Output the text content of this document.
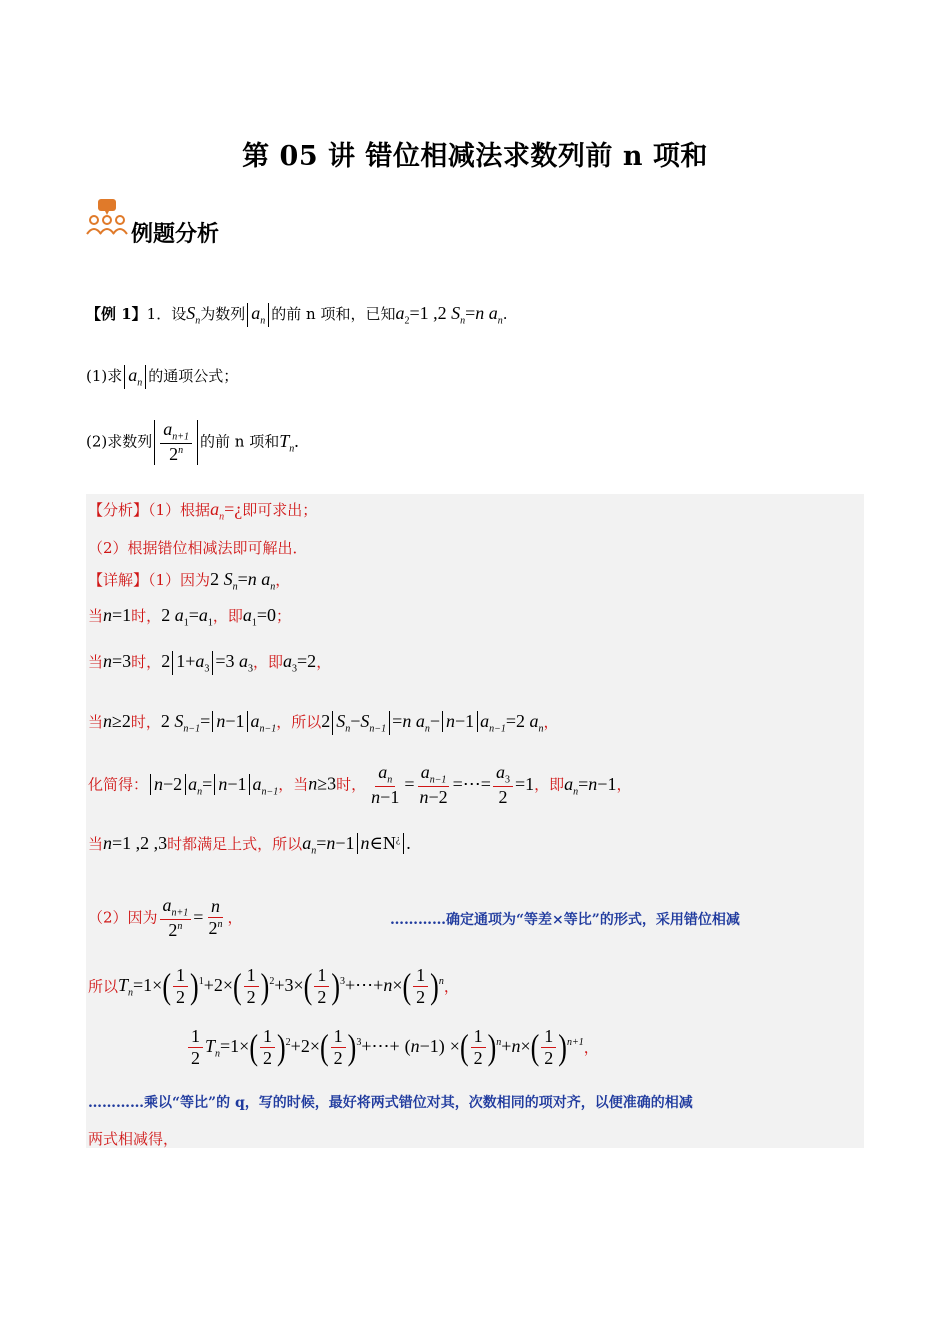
第 05 讲 错位相减法求数列前 n 项和
例题分析
【例 1】1．设$S_n$为数列 $a_n$ 的前 n 项和，已知$a_2=1$ ,2 $S_n=n$ $a_n$.
(1)求 $a_n$ 的通项公式；
(2)求数列 $\frac{a_{n+1}}{2^n}$ 的前 n 项和$T_n$.
【分析】（1）根据$a_n=¿$即可求出；
（2）根据错位相减法即可解出．
【详解】（1）因为2 $S_n=n$ $a_n$，
当n=1时，2 $a_1=a_1$，即$a_1=0$；
当n=3时，2 $1+a_3 =3$ $a_3$，即$a_3=2$，
当n≥2时，2 $S_{n-1}= n-1$ $a_{n-1}$，所以2 $S_n-S_{n-1} =n$ $a_n- n-1$ $a_{n-1}=2$ $a_n$，
化简得： n−2 $a_n= n-1$ $a_{n-1}$，当n≥3时， $\frac{a_n}{n-1} = \frac{a_{n-1}}{n-2}$ =⋯= $\frac{a_3}{2} =1$，即$a_n=n-1$，
当n=1 ,2 ,3时都满足上式，所以$a_n=n-1$ n∈N¿ .
（2）因为 $\frac{a_{n+1}}{2^n} = \frac{n}{2^n}$ ，	…………确定通项为“等差×等比”的形式，采用错位相减
所以$T_n=1\times( \frac{1}{2} )^1+2\times( \frac{1}{2} )^2+3\times( \frac{1}{2}$ )$^3+\cdots+n\times( \frac{1}{2} )^n$，
$\frac{1}{2} T_n=1\times( \frac{1}{2} )^2+2\times( \frac{1}{2}$ )$^3+\cdots+ (n-1)$ ×( $\frac{1}{2} )^n+n\times( \frac{1}{2} )^{n+1}$，
…………乘以“等比”的 q，写的时候，最好将两式错位对其，次数相同的项对齐，以便准确的相减
两式相减得，
